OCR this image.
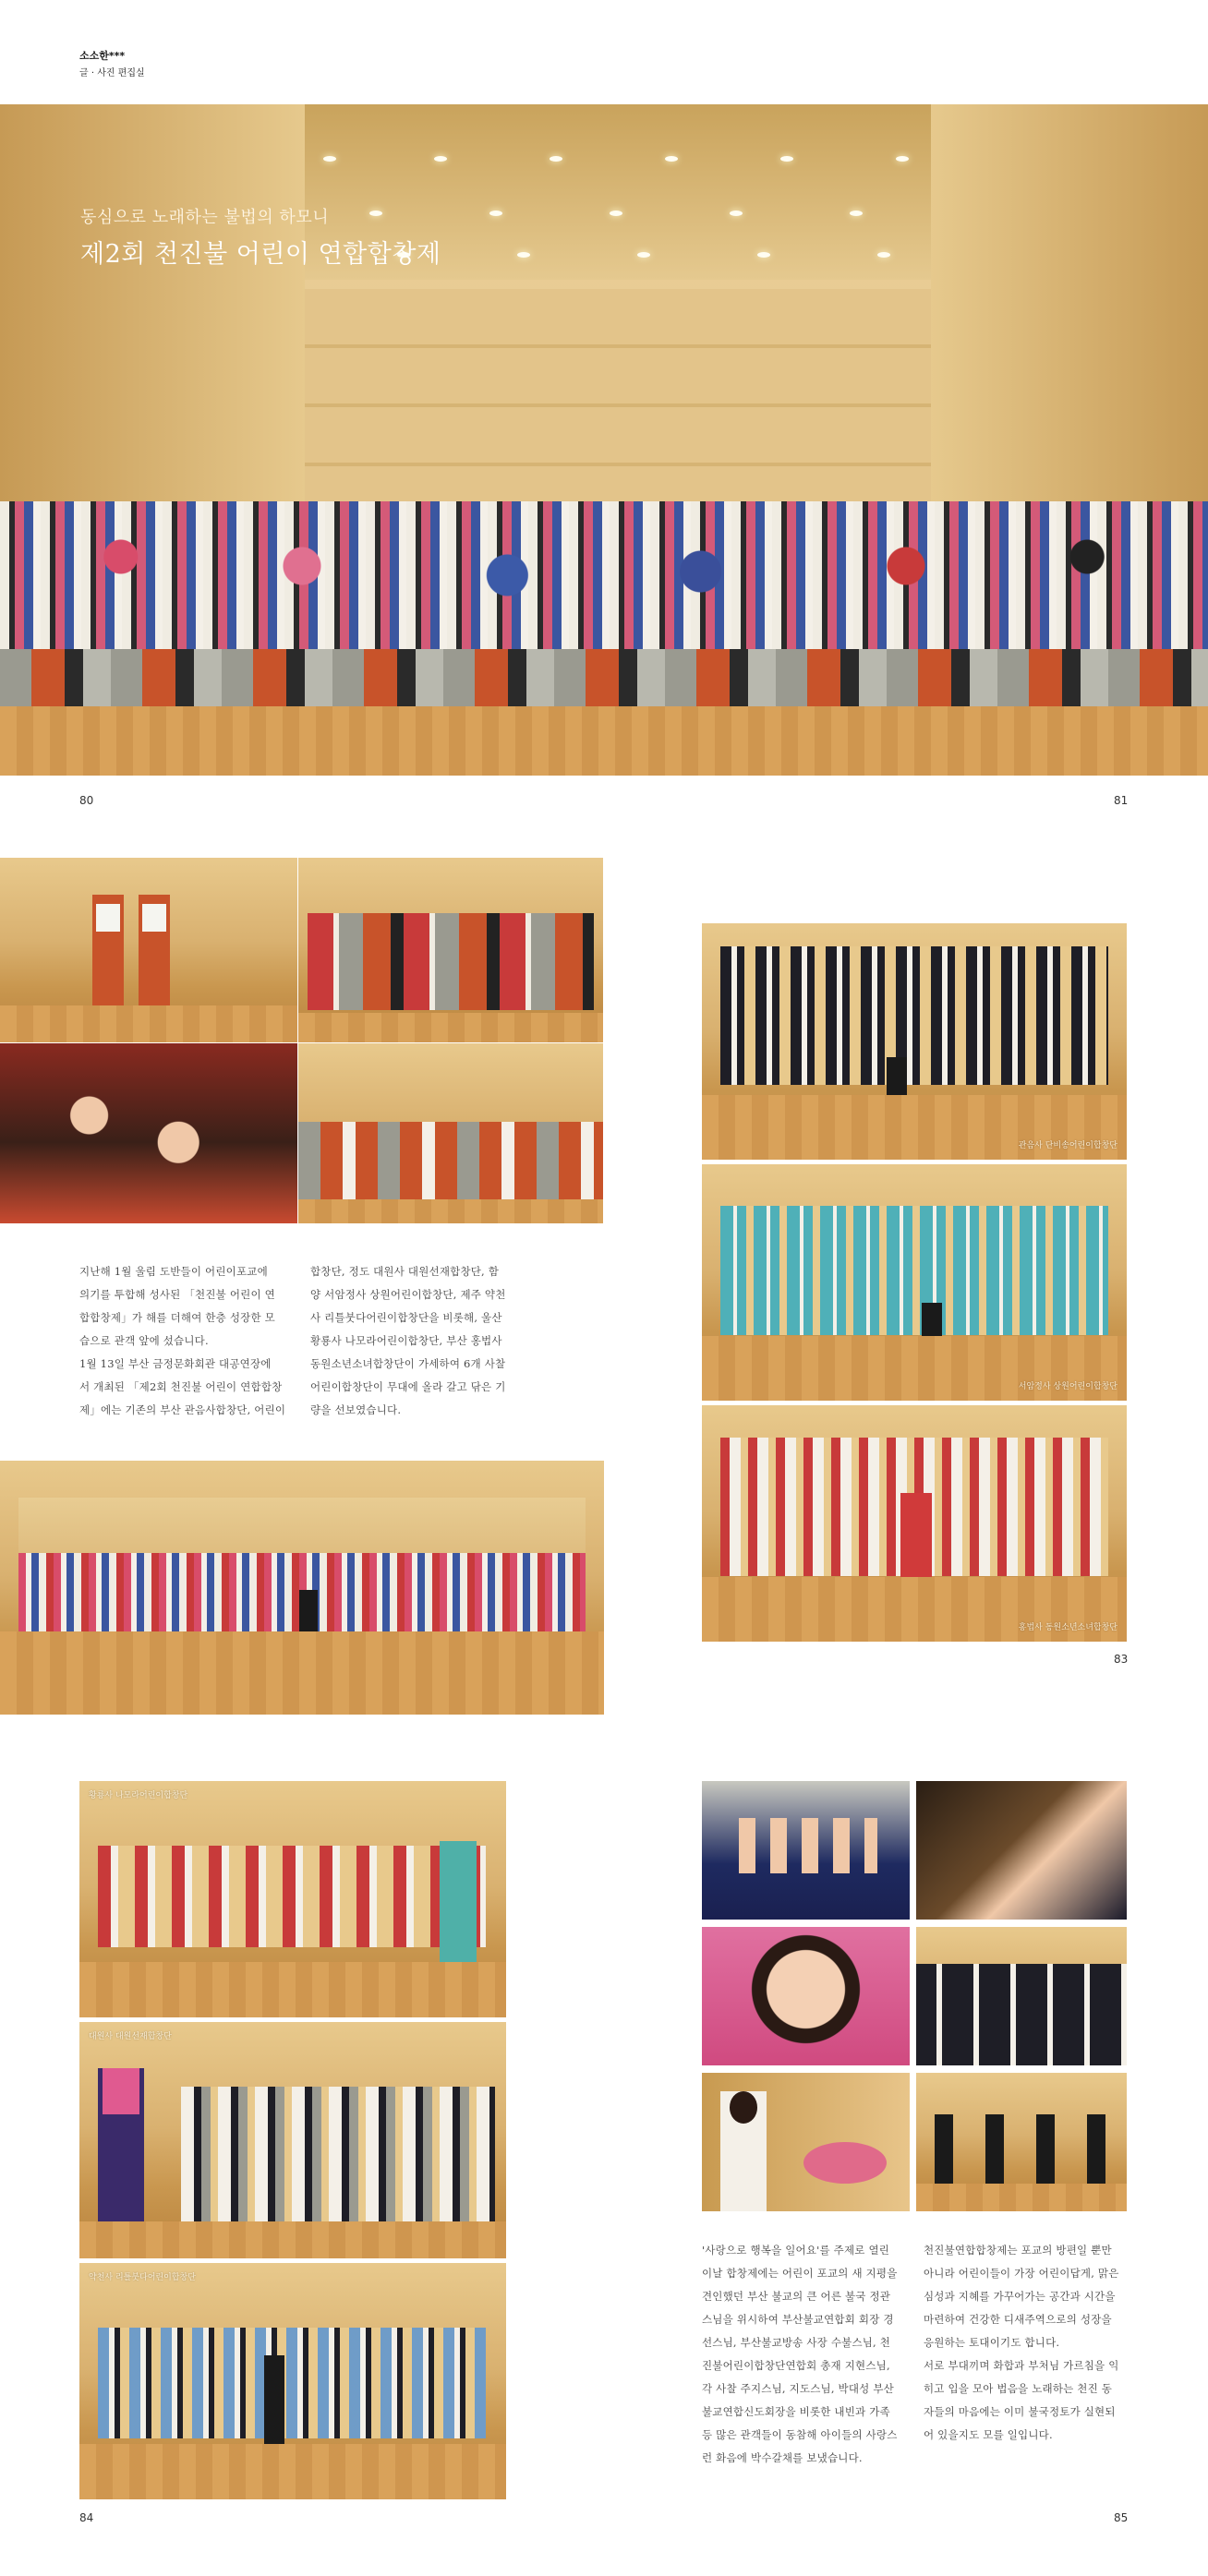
소소한***
글 · 사진 편집실
동심으로 노래하는 불법의 하모니
제2회 천진불 어린이 연합합창제
80	81
지난해 1월 울림 도반들이 어린이포교에
의기를 투합해 성사된 「천진불 어린이 연
합합창제」가 해를 더해여 한층 성장한 모
습으로 관객 앞에 섰습니다.
1월 13일 부산 금정문화회관 대공연장에
서 개최된 「제2회 천진불 어린이 연합합창
제」에는 기존의 부산 관음사합창단, 어린이
합창단, 정도 대원사 대원선재합창단, 함
양 서암정사 상원어린이합창단, 제주 약천
사 리틀붓다어린이합창단을 비롯해, 울산
황룡사 나모라어린이합창단, 부산 홍법사
동원소년소녀합창단이 가세하여 6개 사찰
어린이합창단이 무대에 올라 갈고 닦은 기
량을 선보였습니다.
관음사 단비송어린이합창단
서암정사 상원어린이합창단
홍법사 동원소년소녀합창단
83
황룡사 나모라어린이합창단
대원사 대원선재합창단
약천사 리틀붓다어린이합창단
84
'사랑으로 행복을 일어요'를 주제로 열린
이날 합창제에는 어린이 포교의 새 지평을
견인했던 부산 불교의 큰 어른 불국 정관
스님을 위시하여 부산불교연합회 회장 경
선스님, 부산불교방송 사장 수불스님, 천
진불어린이합창단연합회 총재 지현스님,
각 사찰 주지스님, 지도스님, 박대성 부산
불교연합신도회장을 비롯한 내빈과 가족
등 많은 관객들이 동참해 아이들의 사랑스
런 화음에 박수갈채를 보냈습니다.
천진불연합합창제는 포교의 방편일 뿐만
아니라 어린이들이 가장 어린이답게, 맑은
심성과 지혜를 가꾸어가는 공간과 시간을
마련하여 건강한 디새주역으로의 성장을
응원하는 토대이기도 합니다.
서로 부대끼며 화합과 부처님 가르침을 익
히고 입을 모아 법음을 노래하는 천진 동
자들의 마음에는 이미 불국정토가 실현되
어 있을지도 모를 일입니다.
85
